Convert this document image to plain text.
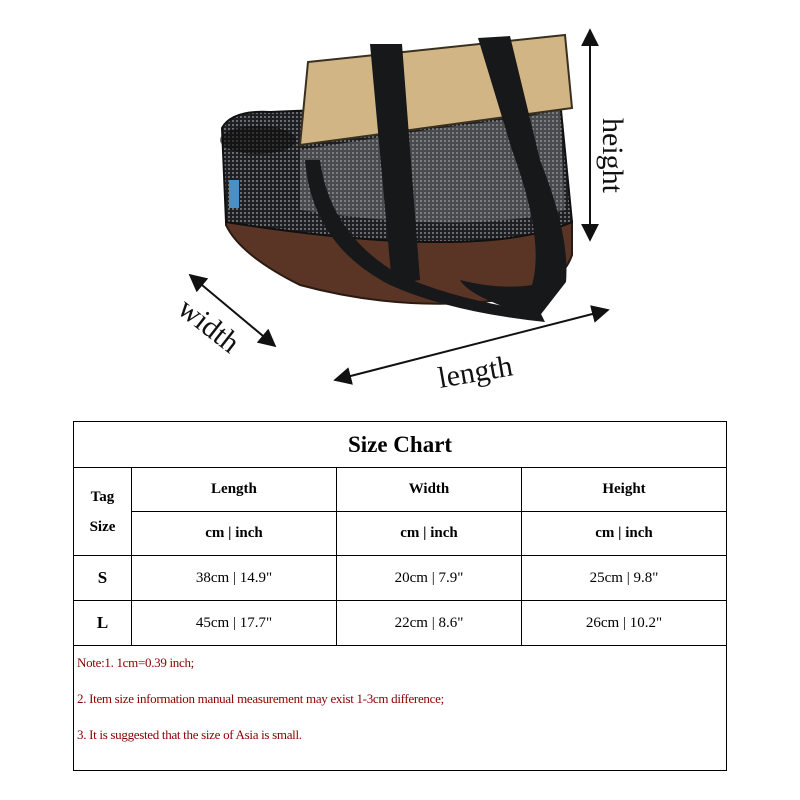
height
width
length
Size Chart			
Tag
Size	Length	Width	Height
	cm | inch	cm | inch	cm | inch
S	38cm | 14.9"	20cm | 7.9"	25cm | 9.8"
L	45cm | 17.7"	22cm | 8.6"	26cm | 10.2"

Note:1. 1cm=0.39 inch;
2. Item size information manual measurement may exist 1-3cm difference;
3. It is suggested that the size of Asia is small.			
